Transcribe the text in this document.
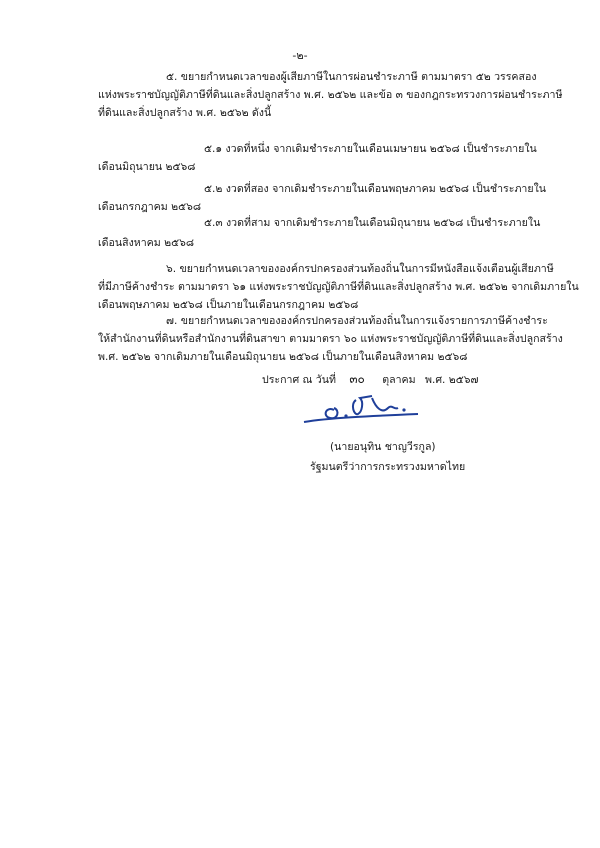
-๒-
๕. ขยายกำหนดเวลาของผู้เสียภาษีในการผ่อนชำระภาษี ตามมาตรา ๕๒ วรรคสอง
แห่งพระราชบัญญัติภาษีที่ดินและสิ่งปลูกสร้าง พ.ศ. ๒๕๖๒ และข้อ ๓ ของกฎกระทรวงการผ่อนชำระภาษี
ที่ดินและสิ่งปลูกสร้าง พ.ศ. ๒๕๖๒ ดังนี้
๕.๑ งวดที่หนึ่ง จากเดิมชำระภายในเดือนเมษายน ๒๕๖๘ เป็นชำระภายใน
เดือนมิถุนายน ๒๕๖๘
๕.๒ งวดที่สอง จากเดิมชำระภายในเดือนพฤษภาคม ๒๕๖๘ เป็นชำระภายใน
เดือนกรกฎาคม ๒๕๖๘
๕.๓ งวดที่สาม จากเดิมชำระภายในเดือนมิถุนายน ๒๕๖๘ เป็นชำระภายใน
เดือนสิงหาคม ๒๕๖๘
๖. ขยายกำหนดเวลาขององค์กรปกครองส่วนท้องถิ่นในการมีหนังสือแจ้งเตือนผู้เสียภาษี
ที่มีภาษีค้างชำระ ตามมาตรา ๖๑ แห่งพระราชบัญญัติภาษีที่ดินและสิ่งปลูกสร้าง พ.ศ. ๒๕๖๒ จากเดิมภายใน
เดือนพฤษภาคม ๒๕๖๘ เป็นภายในเดือนกรกฎาคม ๒๕๖๘
๗. ขยายกำหนดเวลาขององค์กรปกครองส่วนท้องถิ่นในการแจ้งรายการภาษีค้างชำระ
ให้สำนักงานที่ดินหรือสำนักงานที่ดินสาขา ตามมาตรา ๖๐ แห่งพระราชบัญญัติภาษีที่ดินและสิ่งปลูกสร้าง
พ.ศ. ๒๕๖๒ จากเดิมภายในเดือนมิถุนายน ๒๕๖๘ เป็นภายในเดือนสิงหาคม ๒๕๖๘
ประกาศ ณ วันที่ ๓๐ ตุลาคม พ.ศ. ๒๕๖๗
(นายอนุทิน ชาญวีรกูล)
รัฐมนตรีว่าการกระทรวงมหาดไทย
